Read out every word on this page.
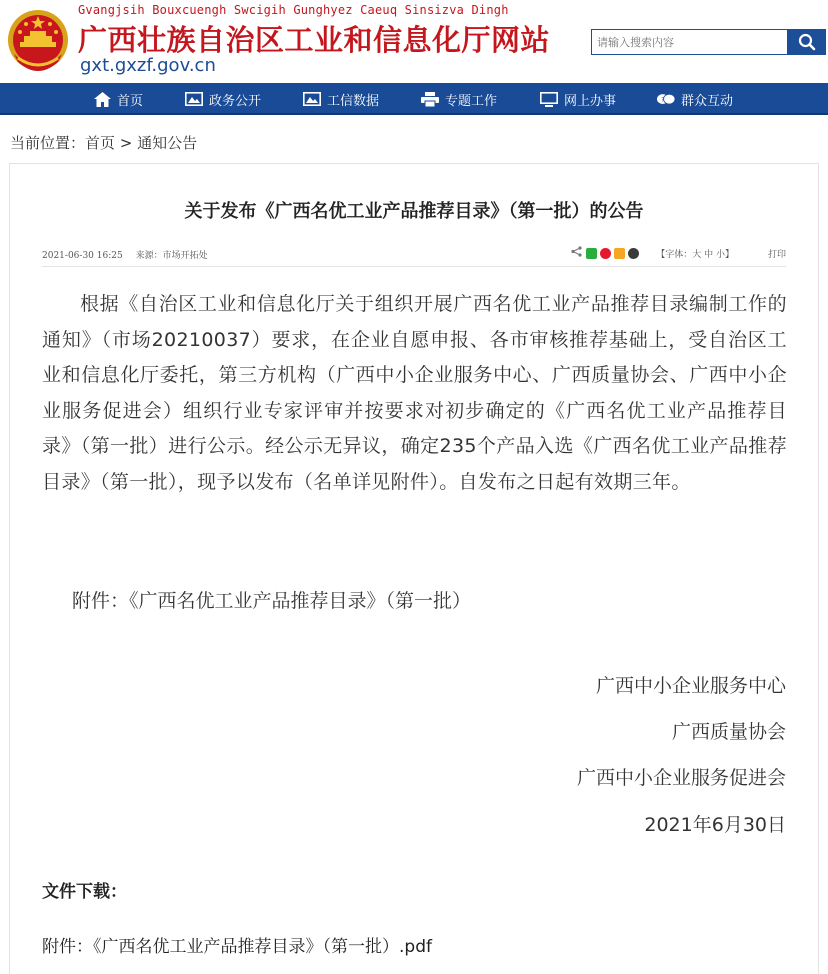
Gvangjsih Bouxcuengh Swcigih Gunghyez Caeuq Sinsizva Dingh
广西壮族自治区工业和信息化厅网站
gxt.gxzf.gov.cn
请输入搜索内容
首页	政务公开	工信数据	专题工作	网上办事	? 群众互动
当前位置：首页 > 通知公告
关于发布《广西名优工业产品推荐目录》（第一批）的公告
2021-06-30 16:25 来源：市场开拓处	【字体：大 中 小】	打印
根据《自治区工业和信息化厅关于组织开展广西名优工业产品推荐目录编制工作的通知》（市场20210037）要求，在企业自愿申报、各市审核推荐基础上，受自治区工业和信息化厅委托，第三方机构（广西中小企业服务中心、广西质量协会、广西中小企业服务促进会）组织行业专家评审并按要求对初步确定的《广西名优工业产品推荐目录》（第一批）进行公示。经公示无异议，确定235个产品入选《广西名优工业产品推荐目录》（第一批），现予以发布（名单详见附件）。自发布之日起有效期三年。
附件：《广西名优工业产品推荐目录》（第一批）
广西中小企业服务中心
广西质量协会
广西中小企业服务促进会
2021年6月30日
文件下载：
附件：《广西名优工业产品推荐目录》（第一批）.pdf
